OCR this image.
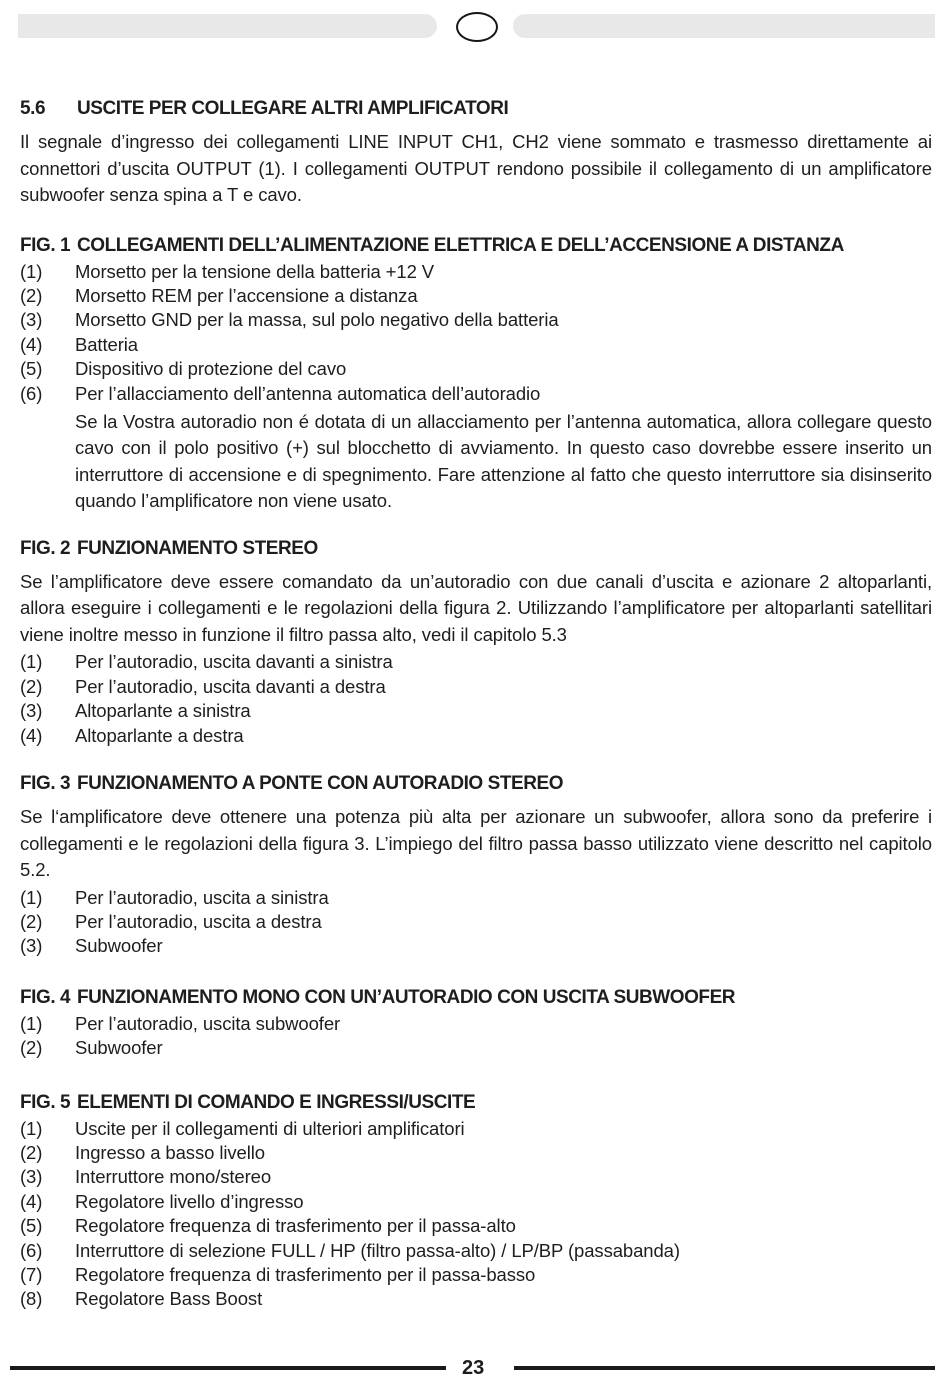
5.6	USCITE PER COLLEGARE ALTRI AMPLIFICATORI
Il segnale d’ingresso dei collegamenti LINE INPUT CH1, CH2 viene sommato e trasmesso direttamente ai connettori d’uscita OUTPUT (1). I collegamenti OUTPUT rendono possibile il collegamento di un amplificatore subwoofer senza spina a T e cavo.
FIG. 1 COLLEGAMENTI DELL’ALIMENTAZIONE ELETTRICA E DELL’ACCENSIONE A DISTANZA
(1)	Morsetto per la tensione della batteria +12 V
(2)	Morsetto REM per l’accensione a distanza
(3)	Morsetto GND per la massa, sul polo negativo della batteria
(4)	Batteria
(5)	Dispositivo di protezione del cavo
(6)	Per l’allacciamento dell’antenna automatica dell’autoradio
Se la Vostra autoradio non é dotata di un allacciamento per l’antenna automatica, allora collegare questo cavo con il polo positivo (+) sul blocchetto di avviamento. In questo caso dovrebbe essere inserito un interruttore di accensione e di spegnimento. Fare attenzione al fatto che questo interruttore sia disinserito quando l’amplificatore non viene usato.
FIG. 2 FUNZIONAMENTO STEREO
Se l’amplificatore deve essere comandato da un’autoradio con due canali d’uscita e azionare 2 altoparlanti, allora eseguire i collegamenti e le regolazioni della figura 2. Utilizzando l’amplificatore per altoparlanti satellitari viene inoltre messo in funzione il filtro passa alto, vedi il capitolo 5.3
(1)	Per l’autoradio, uscita davanti a sinistra
(2)	Per l’autoradio, uscita davanti a destra
(3)	Altoparlante a sinistra
(4)	Altoparlante a destra
FIG. 3 FUNZIONAMENTO A PONTE CON AUTORADIO STEREO
Se l‘amplificatore deve ottenere una potenza più alta per azionare un subwoofer, allora sono da preferire i collegamenti e le regolazioni della figura 3. L’impiego del filtro passa basso utilizzato viene descritto nel capitolo 5.2.
(1)	Per l’autoradio, uscita a sinistra
(2)	Per l’autoradio, uscita a destra
(3)	Subwoofer
FIG. 4 FUNZIONAMENTO MONO CON UN’AUTORADIO CON USCITA SUBWOOFER
(1)	Per l’autoradio, uscita subwoofer
(2)	Subwoofer
FIG. 5 ELEMENTI DI COMANDO E INGRESSI/USCITE
(1)	Uscite per il collegamenti di ulteriori amplificatori
(2)	Ingresso a basso livello
(3)	Interruttore mono/stereo
(4)	Regolatore livello d’ingresso
(5)	Regolatore frequenza di trasferimento per il passa-alto
(6)	Interruttore di selezione FULL / HP (filtro passa-alto) / LP/BP (passabanda)
(7)	Regolatore frequenza di trasferimento per il passa-basso
(8)	Regolatore Bass Boost
23
